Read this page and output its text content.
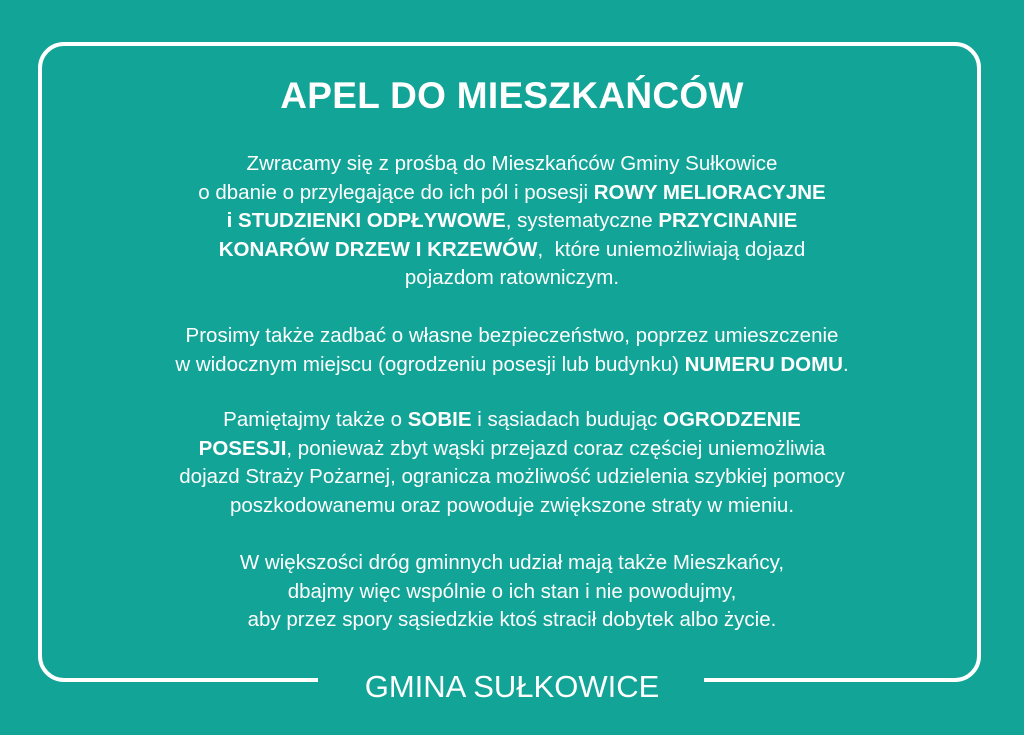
APEL DO MIESZKAŃCÓW
Zwracamy się z prośbą do Mieszkańców Gminy Sułkowice
o dbanie o przylegające do ich pól i posesji ROWY MELIORACYJNE
i STUDZIENKI ODPŁYWOWE, systematyczne PRZYCINANIE
KONARÓW DRZEW I KRZEWÓW,  które uniemożliwiają dojazd
pojazdom ratowniczym.
Prosimy także zadbać o własne bezpieczeństwo, poprzez umieszczenie
w widocznym miejscu (ogrodzeniu posesji lub budynku) NUMERU DOMU.
Pamiętajmy także o SOBIE i sąsiadach budując OGRODZENIE
POSESJI, ponieważ zbyt wąski przejazd coraz częściej uniemożliwia
dojazd Straży Pożarnej, ogranicza możliwość udzielenia szybkiej pomocy
poszkodowanemu oraz powoduje zwiększone straty w mieniu.
W większości dróg gminnych udział mają także Mieszkańcy,
dbajmy więc wspólnie o ich stan i nie powodujmy,
aby przez spory sąsiedzkie ktoś stracił dobytek albo życie.
GMINA SUŁKOWICE
